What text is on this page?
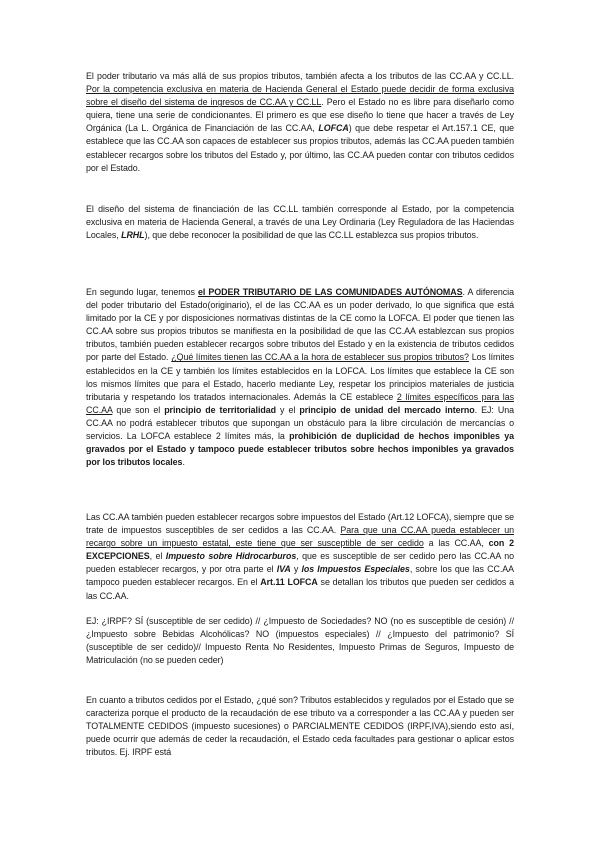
El poder tributario va más allá de sus propios tributos, también afecta a los tributos de las CC.AA y CC.LL. Por la competencia exclusiva en materia de Hacienda General el Estado puede decidir de forma exclusiva sobre el diseño del sistema de ingresos de CC.AA y CC.LL. Pero el Estado no es libre para diseñarlo como quiera, tiene una serie de condicionantes. El primero es que ese diseño lo tiene que hacer a través de Ley Orgánica (La L. Orgánica de Financiación de las CC.AA, LOFCA) que debe respetar el Art.157.1 CE, que establece que las CC.AA son capaces de establecer sus propios tributos, además las CC.AA pueden también establecer recargos sobre los tributos del Estado y, por último, las CC.AA pueden contar con tributos cedidos por el Estado.

El diseño del sistema de financiación de las CC.LL también corresponde al Estado, por la competencia exclusiva en materia de Hacienda General, a través de una Ley Ordinaria (Ley Reguladora de las Haciendas Locales, LRHL), que debe reconocer la posibilidad de que las CC.LL establezca sus propios tributos.

En segundo lugar, tenemos el PODER TRIBUTARIO DE LAS COMUNIDADES AUTÓNOMAS. A diferencia del poder tributario del Estado(originario), el de las CC.AA es un poder derivado, lo que significa que está limitado por la CE y por disposiciones normativas distintas de la CE como la LOFCA. El poder que tienen las CC.AA sobre sus propios tributos se manifiesta en la posibilidad de que las CC.AA establezcan sus propios tributos, también pueden establecer recargos sobre tributos del Estado y en la existencia de tributos cedidos por parte del Estado. ¿Qué límites tienen las CC.AA a la hora de establecer sus propios tributos? Los límites establecidos en la CE y también los límites establecidos en la LOFCA. Los límites que establece la CE son los mismos límites que para el Estado, hacerlo mediante Ley, respetar los principios materiales de justicia tributaria y respetando los tratados internacionales. Además la CE establece 2 límites específicos para las CC.AA que son el principio de territorialidad y el principio de unidad del mercado interno. EJ: Una CC.AA no podrá establecer tributos que supongan un obstáculo para la libre circulación de mercancías o servicios. La LOFCA establece 2 límites más, la prohibición de duplicidad de hechos imponibles ya gravados por el Estado y tampoco puede establecer tributos sobre hechos imponibles ya gravados por los tributos locales.

Las CC.AA también pueden establecer recargos sobre impuestos del Estado (Art.12 LOFCA), siempre que se trate de impuestos susceptibles de ser cedidos a las CC.AA. Para que una CC.AA pueda establecer un recargo sobre un impuesto estatal, este tiene que ser susceptible de ser cedido a las CC.AA, con 2 EXCEPCIONES, el Impuesto sobre Hidrocarburos, que es susceptible de ser cedido pero las CC.AA no pueden establecer recargos, y por otra parte el IVA y los Impuestos Especiales, sobre los que las CC.AA tampoco pueden establecer recargos. En el Art.11 LOFCA se detallan los tributos que pueden ser cedidos a las CC.AA.

EJ: ¿IRPF? SÍ (susceptible de ser cedido) // ¿Impuesto de Sociedades? NO (no es susceptible de cesión) // ¿Impuesto sobre Bebidas Alcohólicas? NO (impuestos especiales) // ¿Impuesto del patrimonio? SÍ (susceptible de ser cedido)// Impuesto Renta No Residentes, Impuesto Primas de Seguros, Impuesto de Matriculación (no se pueden ceder)

En cuanto a tributos cedidos por el Estado, ¿qué son? Tributos establecidos y regulados por el Estado que se caracteriza porque el producto de la recaudación de ese tributo va a corresponder a las CC.AA y pueden ser TOTALMENTE CEDIDOS (impuesto sucesiones) o PARCIALMENTE CEDIDOS (IRPF,IVA),siendo esto así, puede ocurrir que además de ceder la recaudación, el Estado ceda facultades para gestionar o aplicar estos tributos. Ej. IRPF está
